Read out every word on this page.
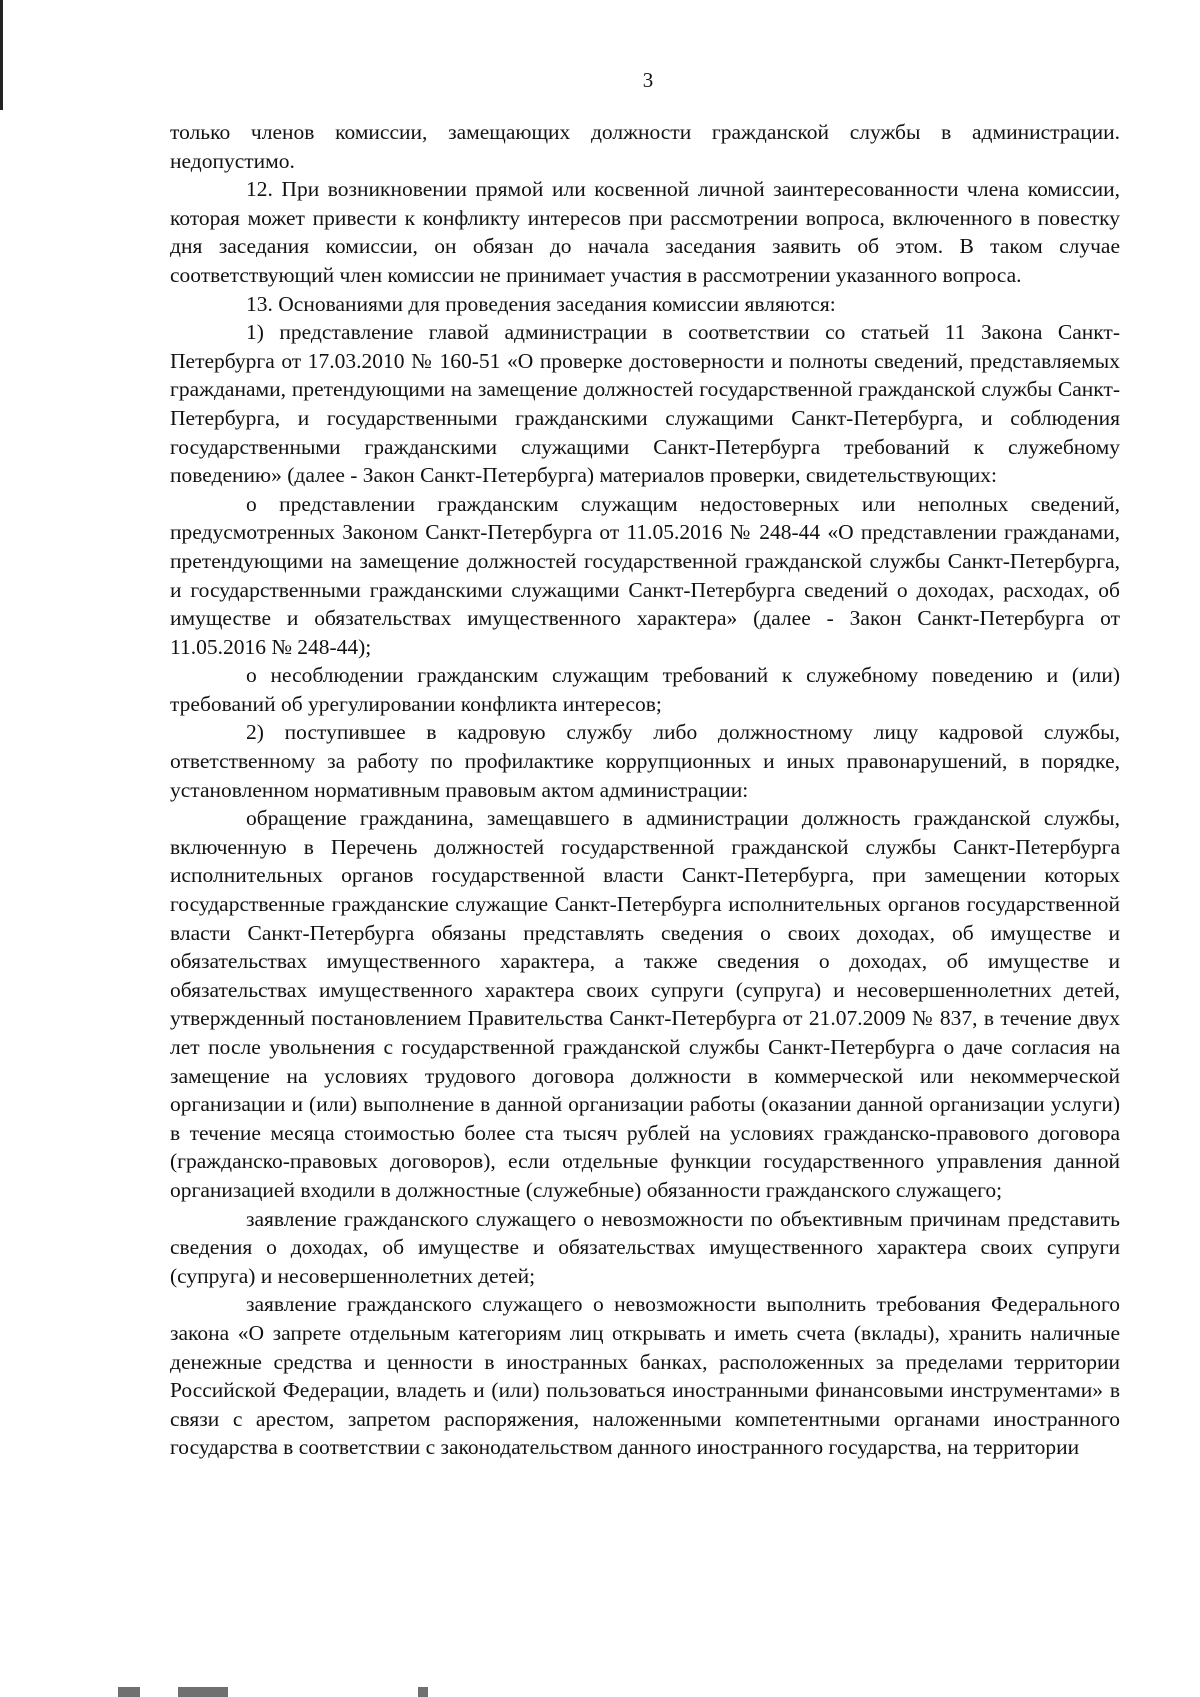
3

только членов комиссии, замещающих должности гражданской службы в администрации. недопустимо.

12. При возникновении прямой или косвенной личной заинтересованности члена комиссии, которая может привести к конфликту интересов при рассмотрении вопроса, включенного в повестку дня заседания комиссии, он обязан до начала заседания заявить об этом. В таком случае соответствующий член комиссии не принимает участия в рассмотрении указанного вопроса.

13. Основаниями для проведения заседания комиссии являются:

1) представление главой администрации в соответствии со статьей 11 Закона Санкт-Петербурга от 17.03.2010 № 160-51 «О проверке достоверности и полноты сведений, представляемых гражданами, претендующими на замещение должностей государственной гражданской службы Санкт-Петербурга, и государственными гражданскими служащими Санкт-Петербурга, и соблюдения государственными гражданскими служащими Санкт-Петербурга требований к служебному поведению» (далее - Закон Санкт-Петербурга) материалов проверки, свидетельствующих:

о представлении гражданским служащим недостоверных или неполных сведений, предусмотренных Законом Санкт-Петербурга от 11.05.2016 № 248-44 «О представлении гражданами, претендующими на замещение должностей государственной гражданской службы Санкт-Петербурга, и государственными гражданскими служащими Санкт-Петербурга сведений о доходах, расходах, об имуществе и обязательствах имущественного характера» (далее - Закон Санкт-Петербурга от 11.05.2016 № 248-44);

о несоблюдении гражданским служащим требований к служебному поведению и (или) требований об урегулировании конфликта интересов;

2) поступившее в кадровую службу либо должностному лицу кадровой службы, ответственному за работу по профилактике коррупционных и иных правонарушений, в порядке, установленном нормативным правовым актом администрации:

обращение гражданина, замещавшего в администрации должность гражданской службы, включенную в Перечень должностей государственной гражданской службы Санкт-Петербурга исполнительных органов государственной власти Санкт-Петербурга, при замещении которых государственные гражданские служащие Санкт-Петербурга исполнительных органов государственной власти Санкт-Петербурга обязаны представлять сведения о своих доходах, об имуществе и обязательствах имущественного характера, а также сведения о доходах, об имуществе и обязательствах имущественного характера своих супруги (супруга) и несовершеннолетних детей, утвержденный постановлением Правительства Санкт-Петербурга от 21.07.2009 № 837, в течение двух лет после увольнения с государственной гражданской службы Санкт-Петербурга о даче согласия на замещение на условиях трудового договора должности в коммерческой или некоммерческой организации и (или) выполнение в данной организации работы (оказании данной организации услуги) в течение месяца стоимостью более ста тысяч рублей на условиях гражданско-правового договора (гражданско-правовых договоров), если отдельные функции государственного управления данной организацией входили в должностные (служебные) обязанности гражданского служащего;

заявление гражданского служащего о невозможности по объективным причинам представить сведения о доходах, об имуществе и обязательствах имущественного характера своих супруги (супруга) и несовершеннолетних детей;

заявление гражданского служащего о невозможности выполнить требования Федерального закона «О запрете отдельным категориям лиц открывать и иметь счета (вклады), хранить наличные денежные средства и ценности в иностранных банках, расположенных за пределами территории Российской Федерации, владеть и (или) пользоваться иностранными финансовыми инструментами» в связи с арестом, запретом распоряжения, наложенными компетентными органами иностранного государства в соответствии с законодательством данного иностранного государства, на территории
